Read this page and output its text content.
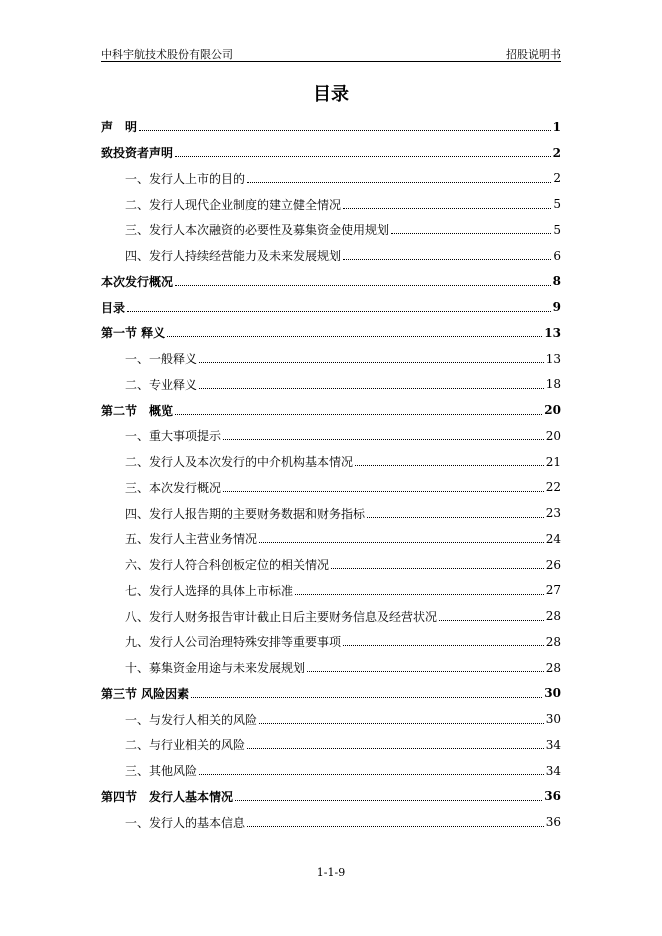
中科宇航技术股份有限公司	招股说明书
目录
声　明	1
致投资者声明	2
一、发行人上市的目的	2
二、发行人现代企业制度的建立健全情况	5
三、发行人本次融资的必要性及募集资金使用规划	5
四、发行人持续经营能力及未来发展规划	6
本次发行概况	8
目录	9
第一节 释义	13
一、一般释义	13
二、专业释义	18
第二节　概览	20
一、重大事项提示	20
二、发行人及本次发行的中介机构基本情况	21
三、本次发行概况	22
四、发行人报告期的主要财务数据和财务指标	23
五、发行人主营业务情况	24
六、发行人符合科创板定位的相关情况	26
七、发行人选择的具体上市标准	27
八、发行人财务报告审计截止日后主要财务信息及经营状况	28
九、发行人公司治理特殊安排等重要事项	28
十、募集资金用途与未来发展规划	28
第三节 风险因素	30
一、与发行人相关的风险	30
二、与行业相关的风险	34
三、其他风险	34
第四节　发行人基本情况	36
一、发行人的基本信息	36
1-1-9
